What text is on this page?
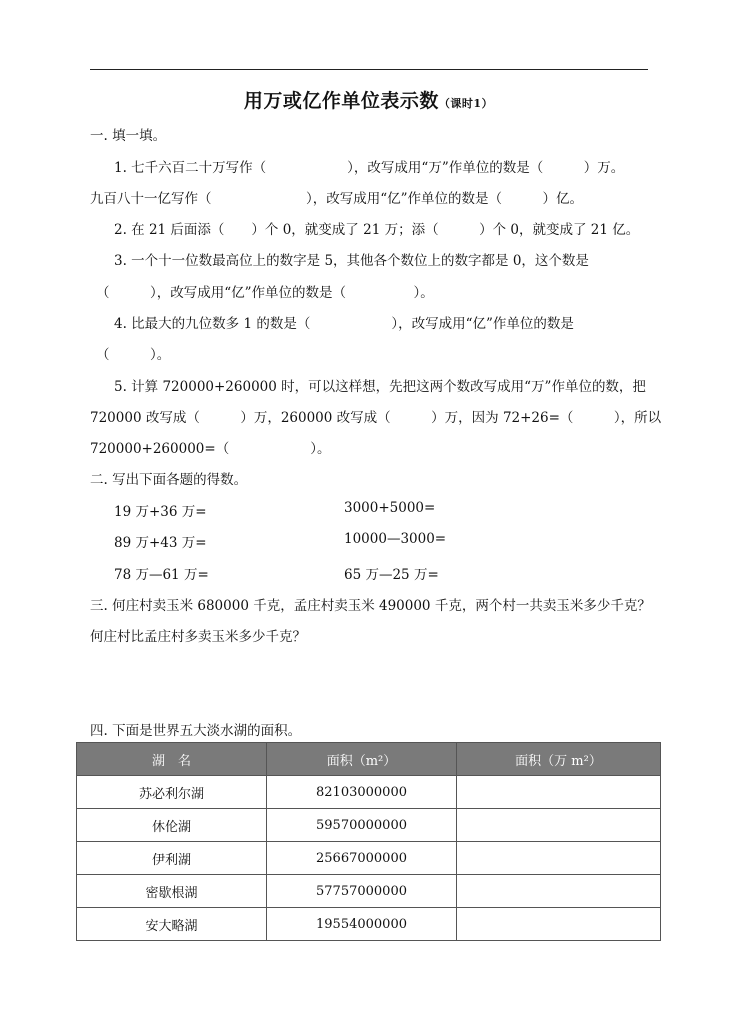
用万或亿作单位表示数（课时1）
一. 填一填。
1. 七千六百二十万写作（　　　　　　），改写成用“万”作单位的数是（　　　）万。
九百八十一亿写作（　　　　　　　），改写成用“亿”作单位的数是（　　　）亿。
2. 在 21 后面添（　　）个 0，就变成了 21 万；添（　　　）个 0，就变成了 21 亿。
3. 一个十一位数最高位上的数字是 5，其他各个数位上的数字都是 0，这个数是
（　　　），改写成用“亿”作单位的数是（　　　　　）。
4. 比最大的九位数多 1 的数是（　　　　　　），改写成用“亿”作单位的数是
（　　　）。
5. 计算 720000+260000 时，可以这样想，先把这两个数改写成用“万”作单位的数，把
720000 改写成（　　　）万，260000 改写成（　　　）万，因为 72+26=（　　　），所以
720000+260000=（　　　　　　）。
二. 写出下面各题的得数。
19 万+36 万=	3000+5000=
89 万+43 万=	10000—3000=
78 万—61 万=	65 万—25 万=
三. 何庄村卖玉米 680000 千克，孟庄村卖玉米 490000 千克，两个村一共卖玉米多少千克？
何庄村比孟庄村多卖玉米多少千克？
四. 下面是世界五大淡水湖的面积。
湖　名	面积（m²）	面积（万 m²）
苏必利尔湖	82103000000	
休伦湖	59570000000	
伊利湖	25667000000	
密歇根湖	57757000000	
安大略湖	19554000000	
